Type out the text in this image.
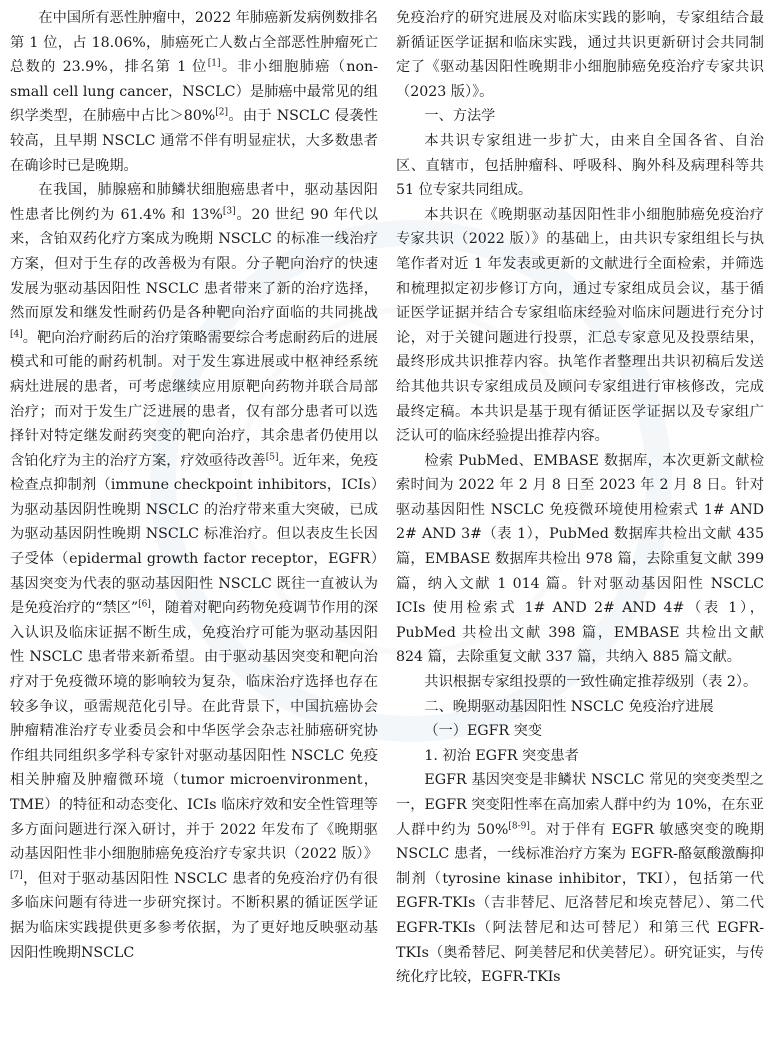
在中国所有恶性肿瘤中，2022 年肺癌新发病例数排名第 1 位，占 18.06%，肺癌死亡人数占全部恶性肿瘤死亡总数的 23.9%，排名第 1 位[1]。非小细胞肺癌（non-small cell lung cancer，NSCLC）是肺癌中最常见的组织学类型，在肺癌中占比＞80%[2]。由于 NSCLC 侵袭性较高，且早期 NSCLC 通常不伴有明显症状，大多数患者在确诊时已是晚期。

在我国，肺腺癌和肺鳞状细胞癌患者中，驱动基因阳性患者比例约为 61.4% 和 13%[3]。20 世纪 90 年代以来，含铂双药化疗方案成为晚期 NSCLC 的标准一线治疗方案，但对于生存的改善极为有限。分子靶向治疗的快速发展为驱动基因阳性 NSCLC 患者带来了新的治疗选择，然而原发和继发性耐药仍是各种靶向治疗面临的共同挑战[4]。靶向治疗耐药后的治疗策略需要综合考虑耐药后的进展模式和可能的耐药机制。对于发生寡进展或中枢神经系统病灶进展的患者，可考虑继续应用原靶向药物并联合局部治疗；而对于发生广泛进展的患者，仅有部分患者可以选择针对特定继发耐药突变的靶向治疗，其余患者仍使用以含铂化疗为主的治疗方案，疗效亟待改善[5]。近年来，免疫检查点抑制剂（immune checkpoint inhibitors，ICIs）为驱动基因阴性晚期 NSCLC 的治疗带来重大突破，已成为驱动基因阴性晚期 NSCLC 标准治疗。但以表皮生长因子受体（epidermal growth factor receptor，EGFR）基因突变为代表的驱动基因阳性 NSCLC 既往一直被认为是免疫治疗的“禁区”[6]，随着对靶向药物免疫调节作用的深入认识及临床证据不断生成，免疫治疗可能为驱动基因阳性 NSCLC 患者带来新希望。由于驱动基因突变和靶向治疗对于免疫微环境的影响较为复杂，临床治疗选择也存在较多争议，亟需规范化引导。在此背景下，中国抗癌协会肿瘤精准治疗专业委员会和中华医学会杂志社肺癌研究协作组共同组织多学科专家针对驱动基因阳性 NSCLC 免疫相关肿瘤及肿瘤微环境（tumor microenvironment，TME）的特征和动态变化、ICIs 临床疗效和安全性管理等多方面问题进行深入研讨，并于 2022 年发布了《晚期驱动基因阳性非小细胞肺癌免疫治疗专家共识（2022 版）》[7]，但对于驱动基因阳性 NSCLC 患者的免疫治疗仍有很多临床问题有待进一步研究探讨。不断积累的循证医学证据为临床实践提供更多参考依据，为了更好地反映驱动基因阳性晚期NSCLC

免疫治疗的研究进展及对临床实践的影响，专家组结合最新循证医学证据和临床实践，通过共识更新研讨会共同制定了《驱动基因阳性晚期非小细胞肺癌免疫治疗专家共识（2023 版）》。

一、方法学

本共识专家组进一步扩大，由来自全国各省、自治区、直辖市，包括肿瘤科、呼吸科、胸外科及病理科等共 51 位专家共同组成。

本共识在《晚期驱动基因阳性非小细胞肺癌免疫治疗专家共识（2022 版）》的基础上，由共识专家组组长与执笔作者对近 1 年发表或更新的文献进行全面检索，并筛选和梳理拟定初步修订方向，通过专家组成员会议，基于循证医学证据并结合专家组临床经验对临床问题进行充分讨论，对于关键问题进行投票，汇总专家意见及投票结果，最终形成共识推荐内容。执笔作者整理出共识初稿后发送给其他共识专家组成员及顾问专家组进行审核修改，完成最终定稿。本共识是基于现有循证医学证据以及专家组广泛认可的临床经验提出推荐内容。

检索 PubMed、EMBASE 数据库，本次更新文献检索时间为 2022 年 2 月 8 日至 2023 年 2 月 8 日。针对驱动基因阳性 NSCLC 免疫微环境使用检索式 1# AND 2# AND 3#（表 1），PubMed 数据库共检出文献 435 篇，EMBASE 数据库共检出 978 篇，去除重复文献 399 篇，纳入文献 1 014 篇。针对驱动基因阳性 NSCLC ICIs 使用检索式 1# AND 2# AND 4#（表 1），PubMed 共检出文献 398 篇，EMBASE 共检出文献 824 篇，去除重复文献 337 篇，共纳入 885 篇文献。

共识根据专家组投票的一致性确定推荐级别（表 2）。

二、晚期驱动基因阳性 NSCLC 免疫治疗进展

（一）EGFR 突变

1. 初治 EGFR 突变患者

EGFR 基因突变是非鳞状 NSCLC 常见的突变类型之一，EGFR 突变阳性率在高加索人群中约为 10%，在东亚人群中约为 50%[8-9]。对于伴有 EGFR 敏感突变的晚期 NSCLC 患者，一线标准治疗方案为 EGFR-酪氨酸激酶抑制剂（tyrosine kinase inhibitor，TKI），包括第一代 EGFR-TKIs（吉非替尼、厄洛替尼和埃克替尼）、第二代 EGFR-TKIs（阿法替尼和达可替尼）和第三代 EGFR-TKIs（奥希替尼、阿美替尼和伏美替尼）。研究证实，与传统化疗比较，EGFR-TKIs
